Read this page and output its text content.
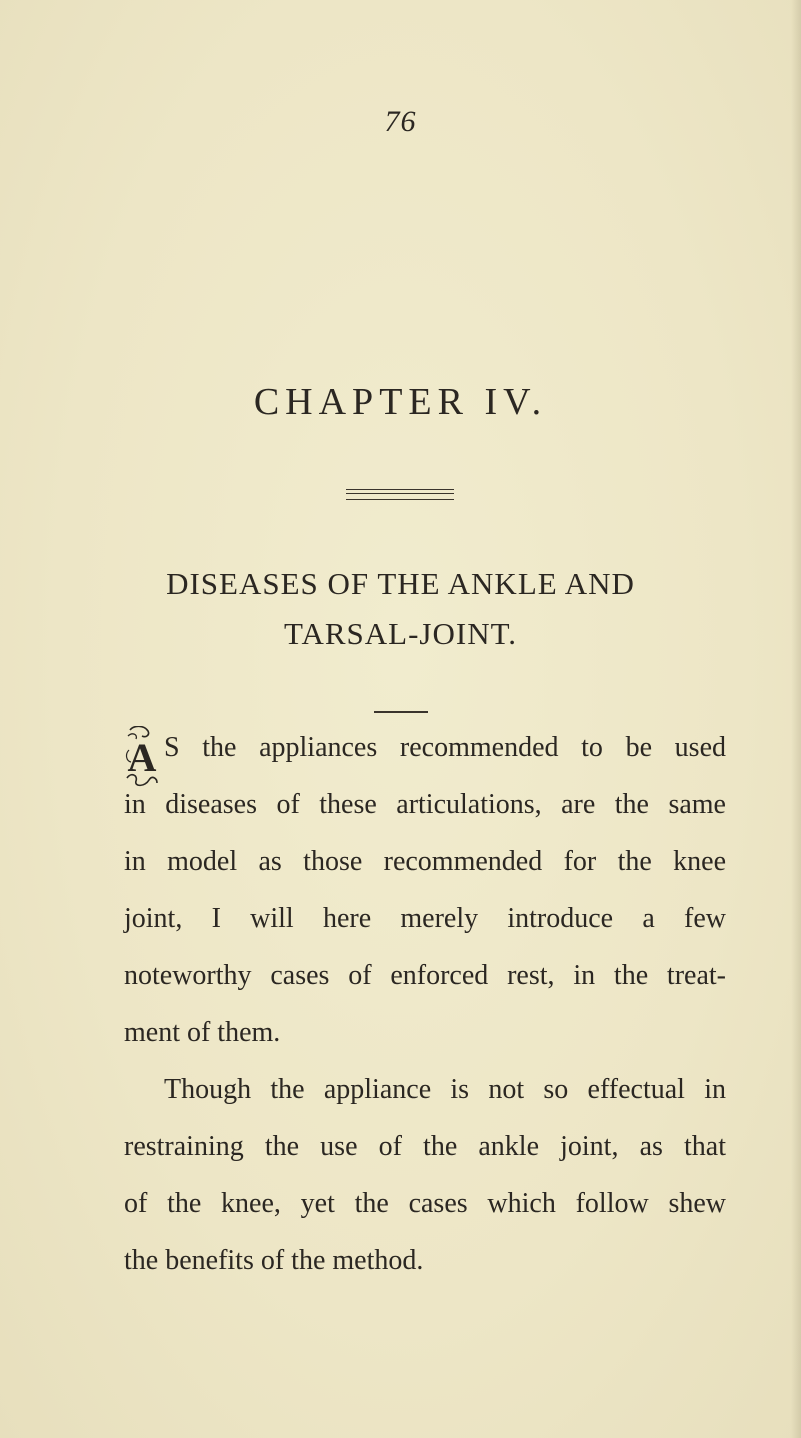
76
CHAPTER IV.
DISEASES OF THE ANKLE AND
TARSAL-JOINT.
A S the appliances recommended to be used
in diseases of these articulations, are the same
in model as those recommended for the knee
joint, I will here merely introduce a few
noteworthy cases of enforced rest, in the treat-
ment of them.
Though the appliance is not so effectual in
restraining the use of the ankle joint, as that
of the knee, yet the cases which follow shew
the benefits of the method.
